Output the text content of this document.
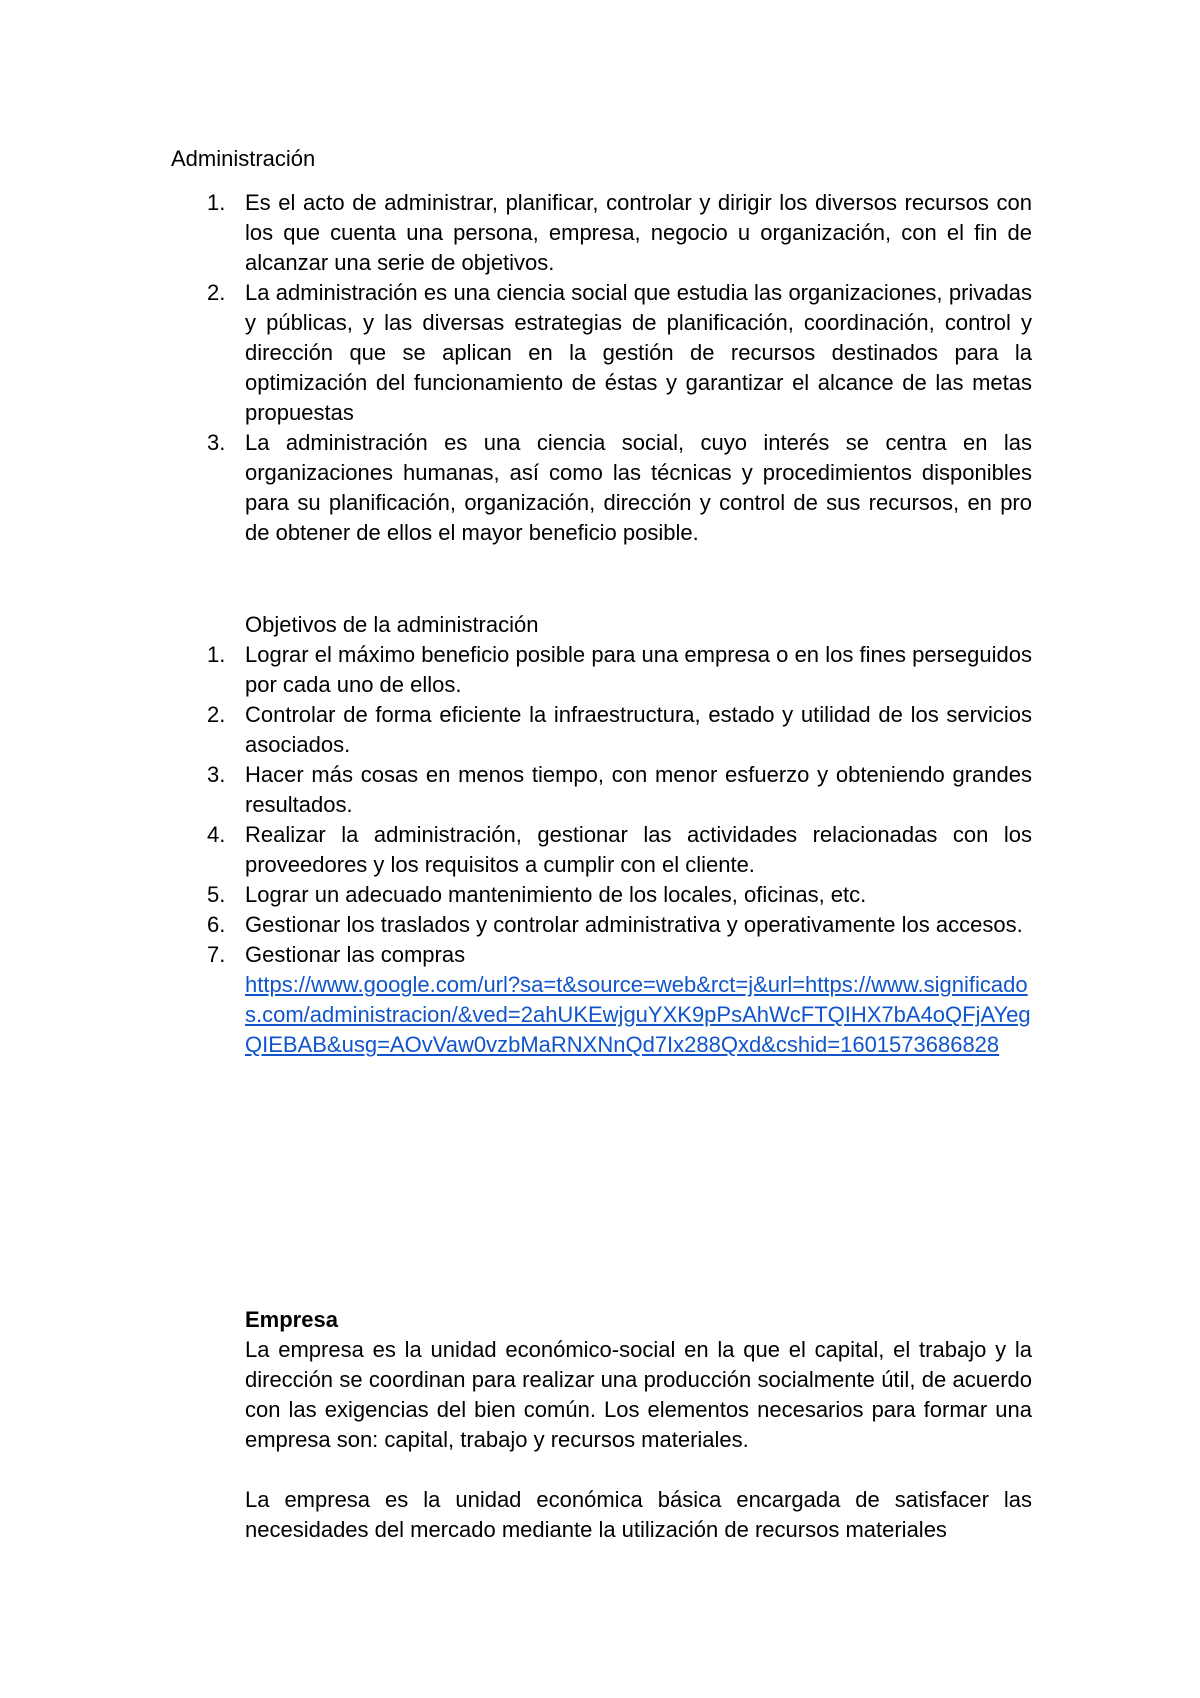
Administración
1. Es el acto de administrar, planificar, controlar y dirigir los diversos recursos con los que cuenta una persona, empresa, negocio u organización, con el fin de alcanzar una serie de objetivos.
2. La administración es una ciencia social que estudia las organizaciones, privadas y públicas, y las diversas estrategias de planificación, coordinación, control y dirección que se aplican en la gestión de recursos destinados para la optimización del funcionamiento de éstas y garantizar el alcance de las metas propuestas
3. La administración es una ciencia social, cuyo interés se centra en las organizaciones humanas, así como las técnicas y procedimientos disponibles para su planificación, organización, dirección y control de sus recursos, en pro de obtener de ellos el mayor beneficio posible.
Objetivos de la administración
1. Lograr el máximo beneficio posible para una empresa o en los fines perseguidos por cada uno de ellos.
2. Controlar de forma eficiente la infraestructura, estado y utilidad de los servicios asociados.
3. Hacer más cosas en menos tiempo, con menor esfuerzo y obteniendo grandes resultados.
4. Realizar la administración, gestionar las actividades relacionadas con los proveedores y los requisitos a cumplir con el cliente.
5. Lograr un adecuado mantenimiento de los locales, oficinas, etc.
6. Gestionar los traslados y controlar administrativa y operativamente los accesos.
7. Gestionar las compras
https://www.google.com/url?sa=t&source=web&rct=j&url=https://www.significados.com/administracion/&ved=2ahUKEwjguYXK9pPsAhWcFTQIHX7bA4oQFjAYegQIEBAB&usg=AOvVaw0vzbMaRNXNnQd7Ix288Qxd&cshid=1601573686828
Empresa

La empresa es la unidad económico-social en la que el capital, el trabajo y la dirección se coordinan para realizar una producción socialmente útil, de acuerdo con las exigencias del bien común. Los elementos necesarios para formar una empresa son: capital, trabajo y recursos materiales.

La empresa es la unidad económica básica encargada de satisfacer las necesidades del mercado mediante la utilización de recursos materiales
